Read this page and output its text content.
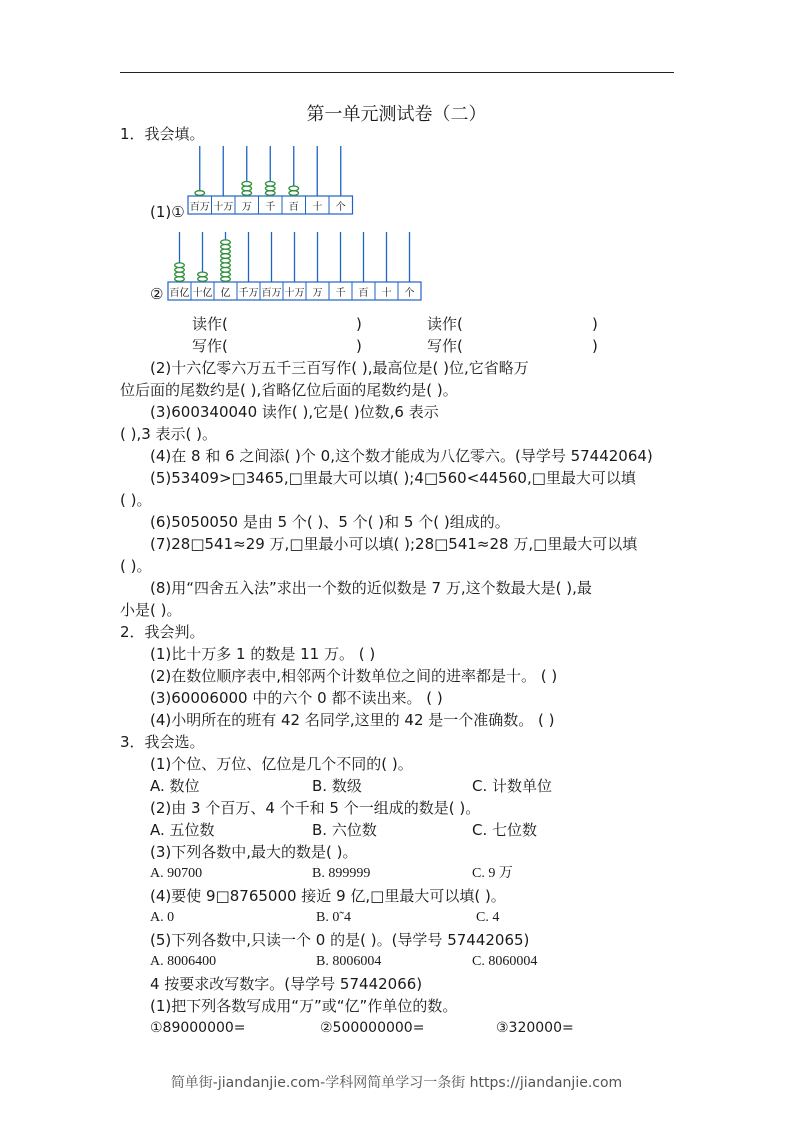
第一单元测试卷（二）
1．我会填。
(1)① 百万 十万 万 千 百 十 个
② 百亿 十亿 亿 千万 百万 十万 万 千 百 十 个
读作(	)	读作(	)
写作(	)	写作(	)
(2)十六亿零六万五千三百写作( ),最高位是( )位,它省略万
位后面的尾数约是( ),省略亿位后面的尾数约是( )。
(3)600340040 读作( ),它是( )位数,6 表示
( ),3 表示( )。
(4)在 8 和 6 之间添( )个 0,这个数才能成为八亿零六。(导学号 57442064)
(5)53409>□3465,□里最大可以填( );4□560<44560,□里最大可以填
( )。
(6)5050050 是由 5 个( )、5 个( )和 5 个( )组成的。
(7)28□541≈29 万,□里最小可以填( );28□541≈28 万,□里最大可以填
( )。
(8)用“四舍五入法”求出一个数的近似数是 7 万,这个数最大是( ),最
小是( )。
2．我会判。
(1)比十万多 1 的数是 11 万。 ( )
(2)在数位顺序表中,相邻两个计数单位之间的进率都是十。 ( )
(3)60006000 中的六个 0 都不读出来。 ( )
(4)小明所在的班有 42 名同学,这里的 42 是一个准确数。 ( )
3．我会选。
(1)个位、万位、亿位是几个不同的( )。
A. 数位	B. 数级	C. 计数单位
(2)由 3 个百万、4 个千和 5 个一组成的数是( )。
A. 五位数	B. 六位数	C. 七位数
(3)下列各数中,最大的数是( )。
A. 90700	B. 899999	C. 9 万
(4)要使 9□8765000 接近 9 亿,□里最大可以填( )。
A. 0	B. 0˜4	C. 4
(5)下列各数中,只读一个 0 的是( )。(导学号 57442065)
A. 8006400	B. 8006004	C. 8060004
4 按要求改写数字。(导学号 57442066)
(1)把下列各数写成用“万”或“亿”作单位的数。
①89000000=	②500000000=	③320000=
简单街-jiandanjie.com-学科网简单学习一条街 https://jiandanjie.com
